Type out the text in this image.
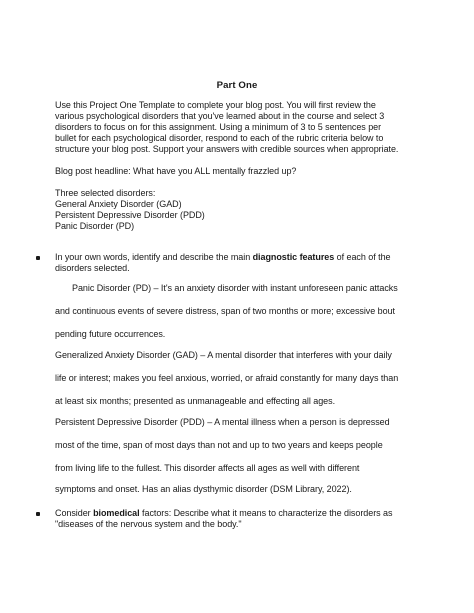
Part One
Use this Project One Template to complete your blog post. You will first review the
various psychological disorders that you've learned about in the course and select 3
disorders to focus on for this assignment. Using a minimum of 3 to 5 sentences per
bullet for each psychological disorder, respond to each of the rubric criteria below to
structure your blog post. Support your answers with credible sources when appropriate.
Blog post headline: What have you ALL mentally frazzled up?
Three selected disorders:
General Anxiety Disorder (GAD)
Persistent Depressive Disorder (PDD)
Panic Disorder (PD)
In your own words, identify and describe the main diagnostic features of each of the
disorders selected.
Panic Disorder (PD) – It's an anxiety disorder with instant unforeseen panic attacks
and continuous events of severe distress, span of two months or more; excessive bout
pending future occurrences.
Generalized Anxiety Disorder (GAD) – A mental disorder that interferes with your daily
life or interest; makes you feel anxious, worried, or afraid constantly for many days than
at least six months; presented as unmanageable and effecting all ages.
Persistent Depressive Disorder (PDD) – A mental illness when a person is depressed
most of the time, span of most days than not and up to two years and keeps people
from living life to the fullest. This disorder affects all ages as well with different
symptoms and onset. Has an alias dysthymic disorder (DSM Library, 2022).
Consider biomedical factors: Describe what it means to characterize the disorders as
"diseases of the nervous system and the body."
